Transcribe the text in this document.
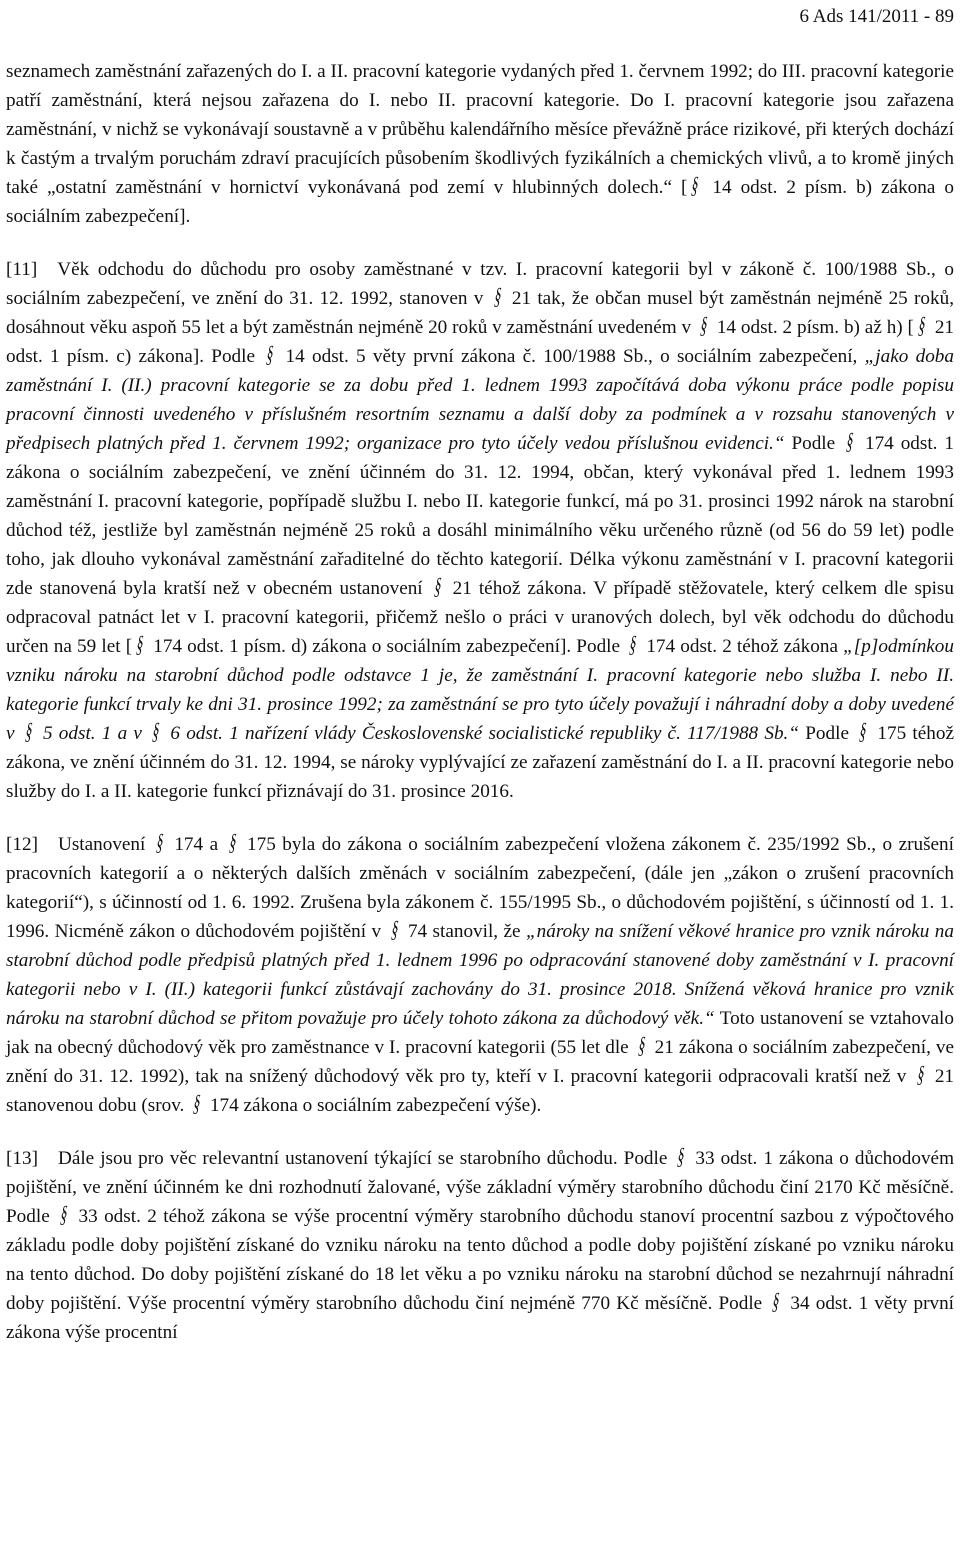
6 Ads 141/2011 - 89

seznamech zaměstnání zařazených do I. a II. pracovní kategorie vydaných před 1. červnem 1992; do III. pracovní kategorie patří zaměstnání, která nejsou zařazena do I. nebo II. pracovní kategorie. Do I. pracovní kategorie jsou zařazena zaměstnání, v nichž se vykonávají soustavně a v průběhu kalendářního měsíce převážně práce rizikové, při kterých dochází k častým a trvalým poruchám zdraví pracujících působením škodlivých fyzikálních a chemických vlivů, a to kromě jiných také „ostatní zaměstnání v hornictví vykonávaná pod zemí v hlubinných dolech.“ [§ 14 odst. 2 písm. b) zákona o sociálním zabezpečení].

[11] Věk odchodu do důchodu pro osoby zaměstnané v tzv. I. pracovní kategorii byl v zákoně č. 100/1988 Sb., o sociálním zabezpečení, ve znění do 31. 12. 1992, stanoven v § 21 tak, že občan musel být zaměstnán nejméně 25 roků, dosáhnout věku aspoň 55 let a být zaměstnán nejméně 20 roků v zaměstnání uvedeném v § 14 odst. 2 písm. b) až h) [§ 21 odst. 1 písm. c) zákona]. Podle § 14 odst. 5 věty první zákona č. 100/1988 Sb., o sociálním zabezpečení, „jako doba zaměstnání I. (II.) pracovní kategorie se za dobu před 1. lednem 1993 započítává doba výkonu práce podle popisu pracovní činnosti uvedeného v příslušném resortním seznamu a další doby za podmínek a v rozsahu stanovených v předpisech platných před 1. červnem 1992; organizace pro tyto účely vedou příslušnou evidenci.“ Podle § 174 odst. 1 zákona o sociálním zabezpečení, ve znění účinném do 31. 12. 1994, občan, který vykonával před 1. lednem 1993 zaměstnání I. pracovní kategorie, popřípadě službu I. nebo II. kategorie funkcí, má po 31. prosinci 1992 nárok na starobní důchod též, jestliže byl zaměstnán nejméně 25 roků a dosáhl minimálního věku určeného různě (od 56 do 59 let) podle toho, jak dlouho vykonával zaměstnání zařaditelné do těchto kategorií. Délka výkonu zaměstnání v I. pracovní kategorii zde stanovená byla kratší než v obecném ustanovení § 21 téhož zákona. V případě stěžovatele, který celkem dle spisu odpracoval patnáct let v I. pracovní kategorii, přičemž nešlo o práci v uranových dolech, byl věk odchodu do důchodu určen na 59 let [§ 174 odst. 1 písm. d) zákona o sociálním zabezpečení]. Podle § 174 odst. 2 téhož zákona „[p]odmínkou vzniku nároku na starobní důchod podle odstavce 1 je, že zaměstnání I. pracovní kategorie nebo služba I. nebo II. kategorie funkcí trvaly ke dni 31. prosince 1992; za zaměstnání se pro tyto účely považují i náhradní doby a doby uvedené v § 5 odst. 1 a v § 6 odst. 1 nařízení vlády Československé socialistické republiky č. 117/1988 Sb.“ Podle § 175 téhož zákona, ve znění účinném do 31. 12. 1994, se nároky vyplývající ze zařazení zaměstnání do I. a II. pracovní kategorie nebo služby do I. a II. kategorie funkcí přiznávají do 31. prosince 2016.

[12] Ustanovení § 174 a § 175 byla do zákona o sociálním zabezpečení vložena zákonem č. 235/1992 Sb., o zrušení pracovních kategorií a o některých dalších změnách v sociálním zabezpečení, (dále jen „zákon o zrušení pracovních kategorií“), s účinností od 1. 6. 1992. Zrušena byla zákonem č. 155/1995 Sb., o důchodovém pojištění, s účinností od 1. 1. 1996. Nicméně zákon o důchodovém pojištění v § 74 stanovil, že „nároky na snížení věkové hranice pro vznik nároku na starobní důchod podle předpisů platných před 1. lednem 1996 po odpracování stanovené doby zaměstnání v I. pracovní kategorii nebo v I. (II.) kategorii funkcí zůstávají zachovány do 31. prosince 2018. Snížená věková hranice pro vznik nároku na starobní důchod se přitom považuje pro účely tohoto zákona za důchodový věk.“ Toto ustanovení se vztahovalo jak na obecný důchodový věk pro zaměstnance v I. pracovní kategorii (55 let dle § 21 zákona o sociálním zabezpečení, ve znění do 31. 12. 1992), tak na snížený důchodový věk pro ty, kteří v I. pracovní kategorii odpracovali kratší než v § 21 stanovenou dobu (srov. § 174 zákona o sociálním zabezpečení výše).

[13] Dále jsou pro věc relevantní ustanovení týkající se starobního důchodu. Podle § 33 odst. 1 zákona o důchodovém pojištění, ve znění účinném ke dni rozhodnutí žalované, výše základní výměry starobního důchodu činí 2170 Kč měsíčně. Podle § 33 odst. 2 téhož zákona se výše procentní výměry starobního důchodu stanoví procentní sazbou z výpočtového základu podle doby pojištění získané do vzniku nároku na tento důchod a podle doby pojištění získané po vzniku nároku na tento důchod. Do doby pojištění získané do 18 let věku a po vzniku nároku na starobní důchod se nezahrnují náhradní doby pojištění. Výše procentní výměry starobního důchodu činí nejméně 770 Kč měsíčně. Podle § 34 odst. 1 věty první zákona výše procentní
